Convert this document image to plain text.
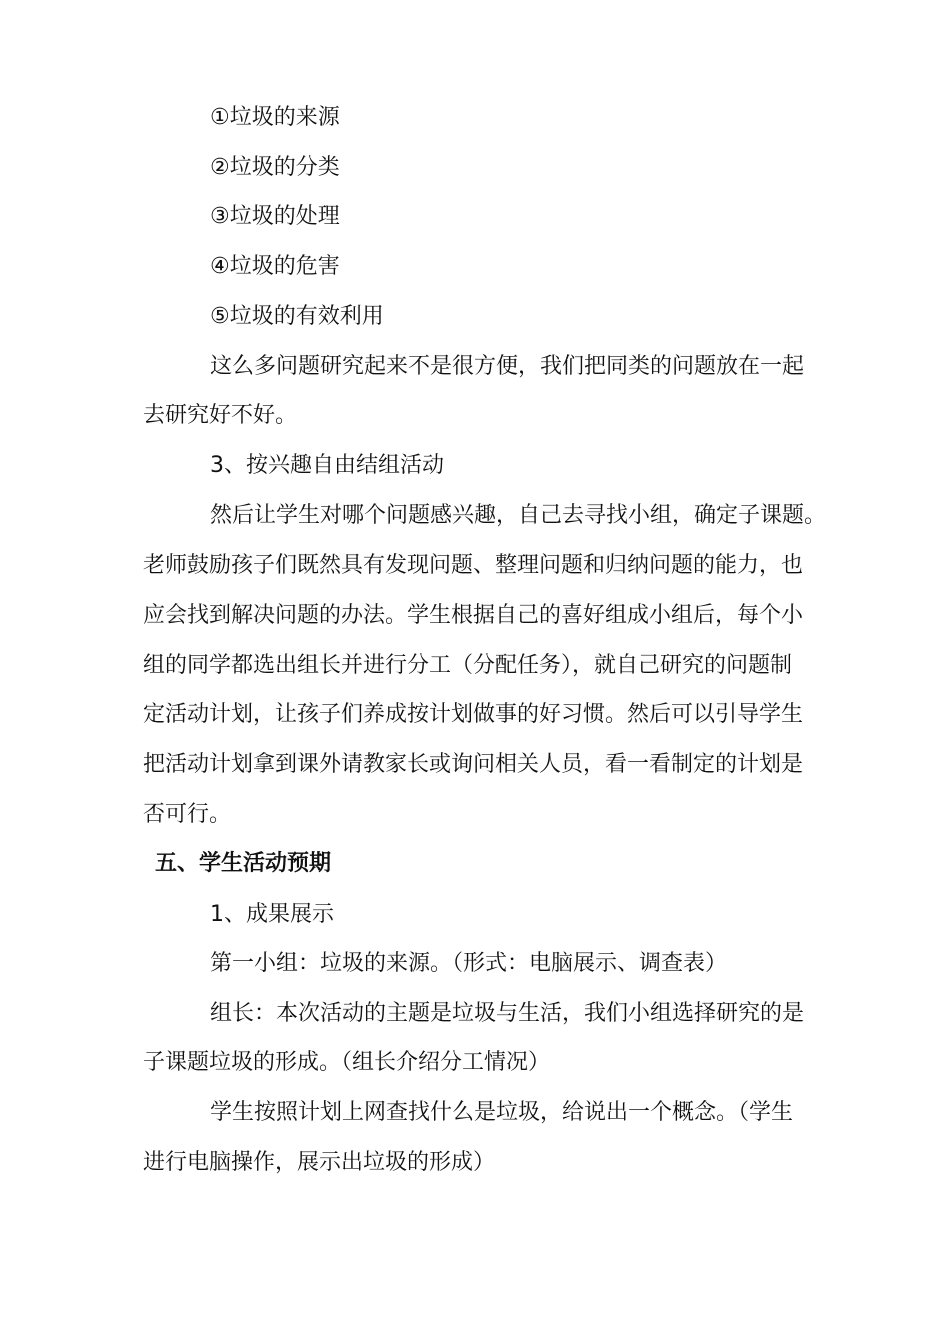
①垃圾的来源
②垃圾的分类
③垃圾的处理
④垃圾的危害
⑤垃圾的有效利用
这么多问题研究起来不是很方便，我们把同类的问题放在一起
去研究好不好。
3、按兴趣自由结组活动
然后让学生对哪个问题感兴趣，自己去寻找小组，确定子课题。
老师鼓励孩子们既然具有发现问题、整理问题和归纳问题的能力，也
应会找到解决问题的办法。学生根据自己的喜好组成小组后，每个小
组的同学都选出组长并进行分工（分配任务），就自己研究的问题制
定活动计划，让孩子们养成按计划做事的好习惯。然后可以引导学生
把活动计划拿到课外请教家长或询问相关人员，看一看制定的计划是
否可行。
五、学生活动预期
1、成果展示
第一小组：垃圾的来源。（形式：电脑展示、调查表）
组长：本次活动的主题是垃圾与生活，我们小组选择研究的是
子课题垃圾的形成。（组长介绍分工情况）
学生按照计划上网查找什么是垃圾，给说出一个概念。（学生
进行电脑操作，展示出垃圾的形成）
